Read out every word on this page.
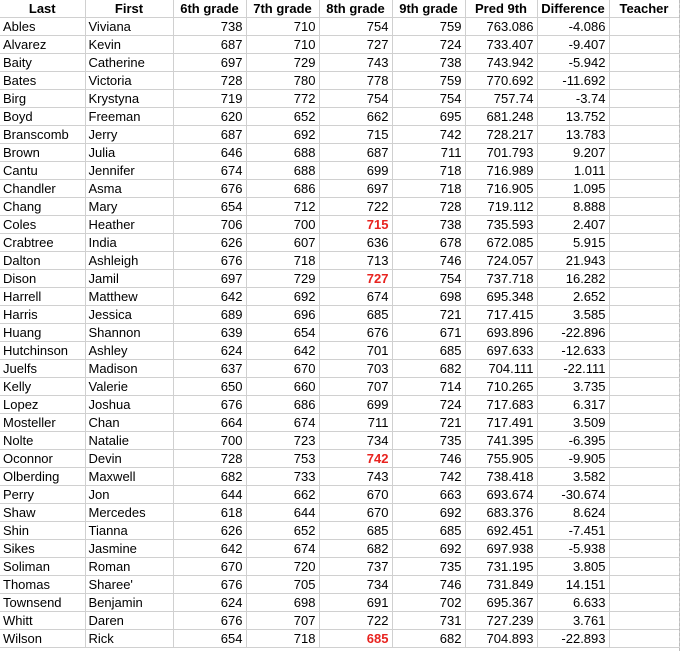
Last	First	6th grade	7th grade	8th grade	9th grade	Pred 9th	Difference	Teacher
Ables	Viviana	738	710	754	759	763.086	-4.086	
Alvarez	Kevin	687	710	727	724	733.407	-9.407	
Baity	Catherine	697	729	743	738	743.942	-5.942	
Bates	Victoria	728	780	778	759	770.692	-11.692	
Birg	Krystyna	719	772	754	754	757.74	-3.74	
Boyd	Freeman	620	652	662	695	681.248	13.752	
Branscomb	Jerry	687	692	715	742	728.217	13.783	
Brown	Julia	646	688	687	711	701.793	9.207	
Cantu	Jennifer	674	688	699	718	716.989	1.011	
Chandler	Asma	676	686	697	718	716.905	1.095	
Chang	Mary	654	712	722	728	719.112	8.888	
Coles	Heather	706	700	715	738	735.593	2.407	
Crabtree	India	626	607	636	678	672.085	5.915	
Dalton	Ashleigh	676	718	713	746	724.057	21.943	
Dison	Jamil	697	729	727	754	737.718	16.282	
Harrell	Matthew	642	692	674	698	695.348	2.652	
Harris	Jessica	689	696	685	721	717.415	3.585	
Huang	Shannon	639	654	676	671	693.896	-22.896	
Hutchinson	Ashley	624	642	701	685	697.633	-12.633	
Juelfs	Madison	637	670	703	682	704.111	-22.111	
Kelly	Valerie	650	660	707	714	710.265	3.735	
Lopez	Joshua	676	686	699	724	717.683	6.317	
Mosteller	Chan	664	674	711	721	717.491	3.509	
Nolte	Natalie	700	723	734	735	741.395	-6.395	
Oconnor	Devin	728	753	742	746	755.905	-9.905	
Olberding	Maxwell	682	733	743	742	738.418	3.582	
Perry	Jon	644	662	670	663	693.674	-30.674	
Shaw	Mercedes	618	644	670	692	683.376	8.624	
Shin	Tianna	626	652	685	685	692.451	-7.451	
Sikes	Jasmine	642	674	682	692	697.938	-5.938	
Soliman	Roman	670	720	737	735	731.195	3.805	
Thomas	Sharee'	676	705	734	746	731.849	14.151	
Townsend	Benjamin	624	698	691	702	695.367	6.633	
Whitt	Daren	676	707	722	731	727.239	3.761	
Wilson	Rick	654	718	685	682	704.893	-22.893	
